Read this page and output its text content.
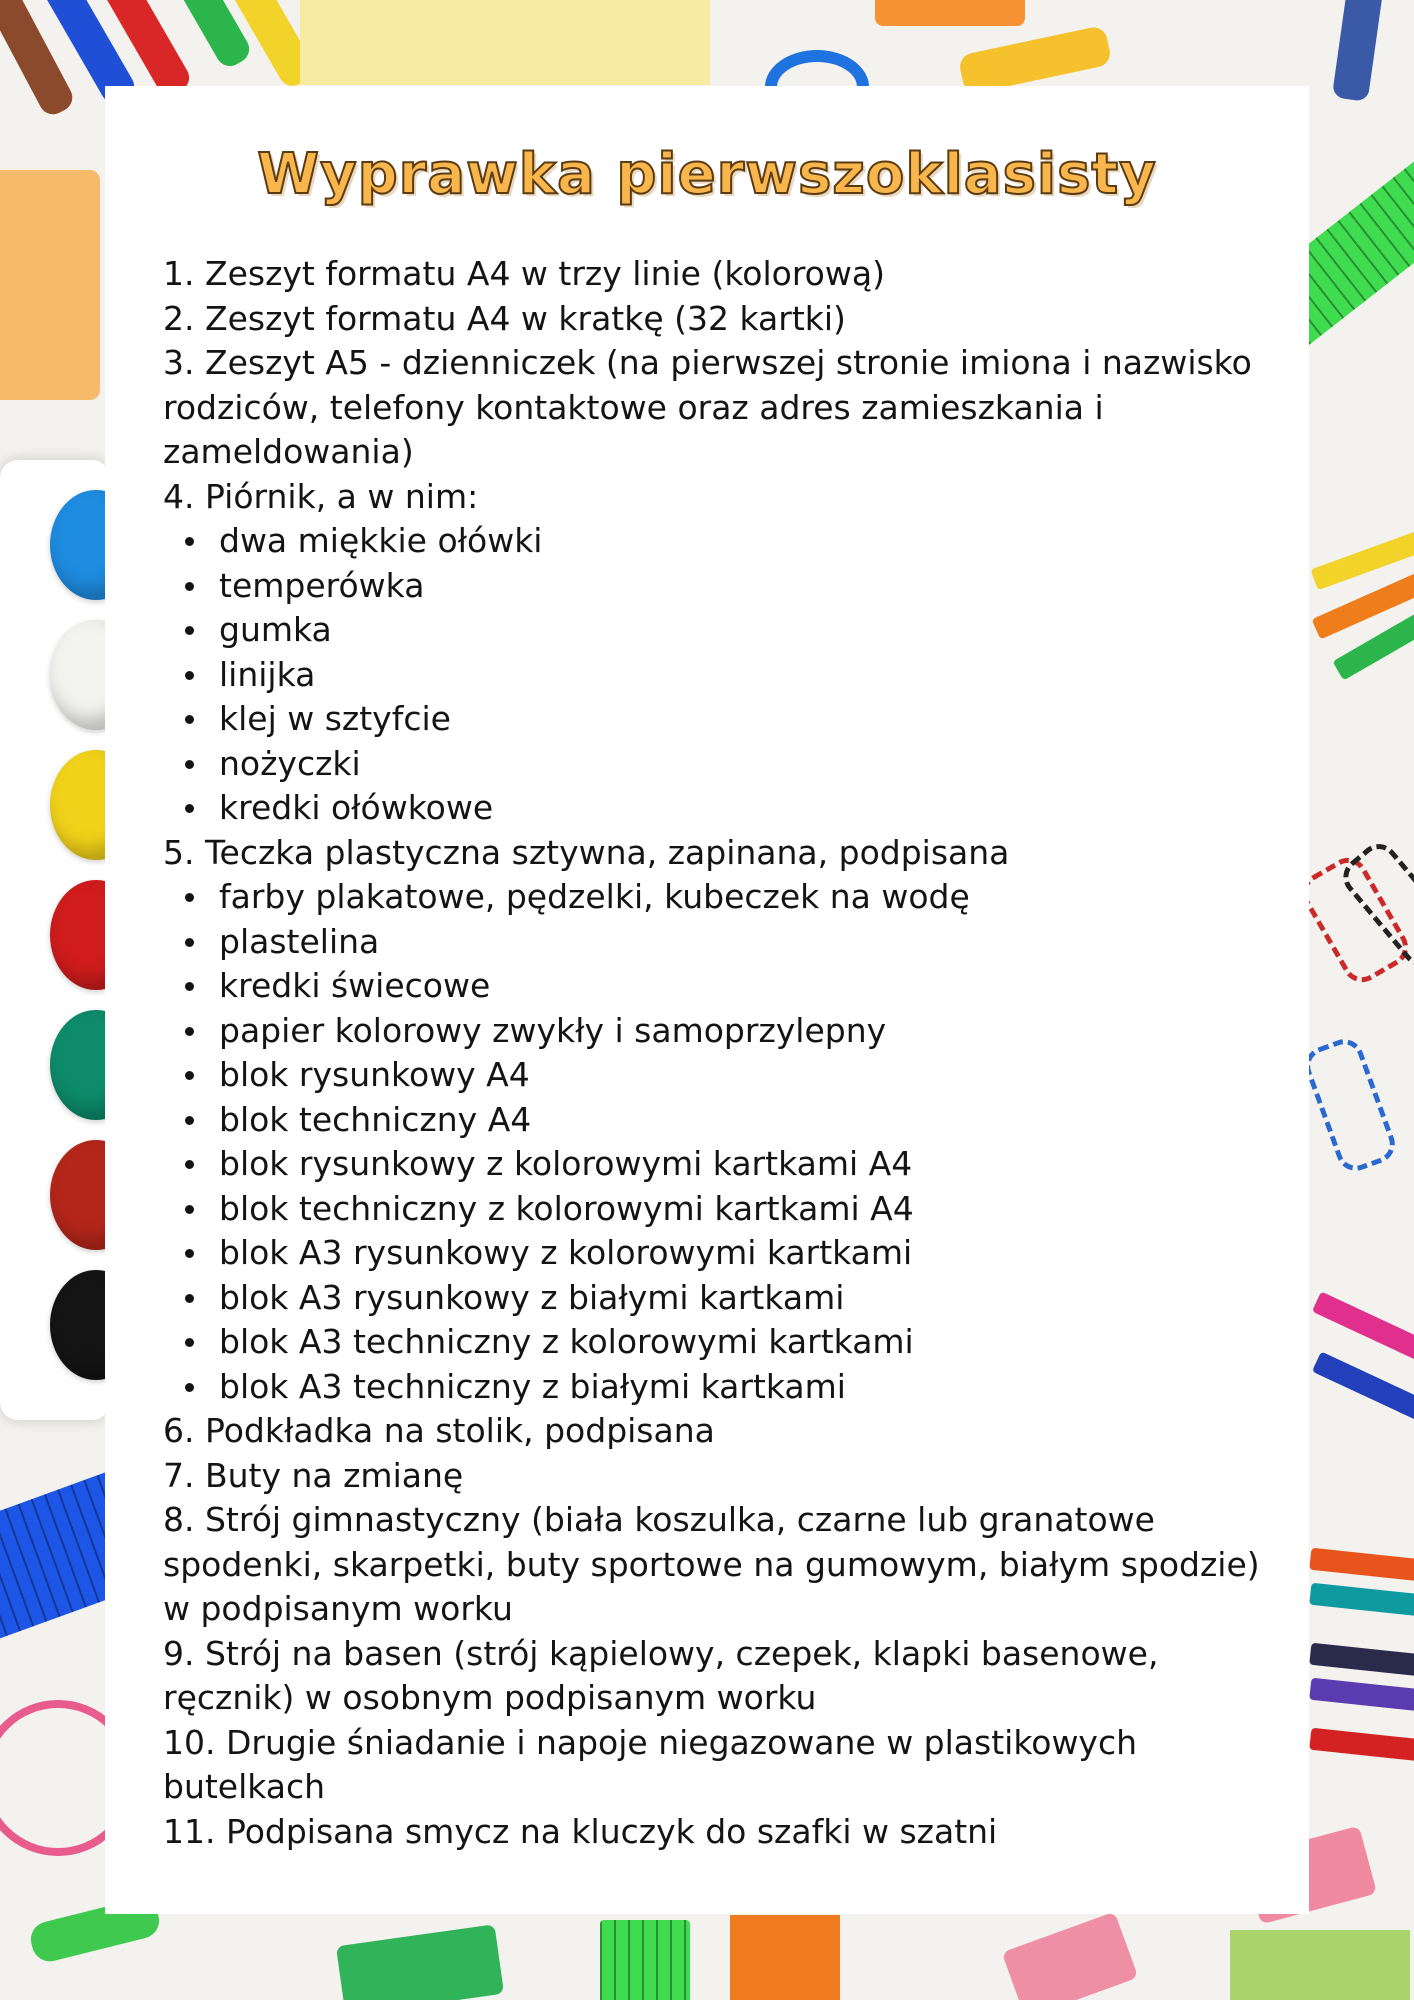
Wyprawka pierwszoklasisty

1. Zeszyt formatu A4 w trzy linie (kolorową)

2. Zeszyt formatu A4 w kratkę (32 kartki)

3. Zeszyt A5 - dzienniczek (na pierwszej stronie imiona i nazwisko rodziców, telefony kontaktowe oraz adres zamieszkania i zameldowania)

4. Piórnik, a w nim:

dwa miękkie ołówki
temperówka
gumka
linijka
klej w sztyfcie
nożyczki
kredki ołówkowe

5. Teczka plastyczna sztywna, zapinana, podpisana

farby plakatowe, pędzelki, kubeczek na wodę
plastelina
kredki świecowe
papier kolorowy zwykły i samoprzylepny
blok rysunkowy A4
blok techniczny A4
blok rysunkowy z kolorowymi kartkami A4
blok techniczny z kolorowymi kartkami A4
blok A3 rysunkowy z kolorowymi kartkami
blok A3 rysunkowy z białymi kartkami
blok A3 techniczny z kolorowymi kartkami
blok A3 techniczny z białymi kartkami

6. Podkładka na stolik, podpisana

7. Buty na zmianę

8. Strój gimnastyczny (biała koszulka, czarne lub granatowe spodenki, skarpetki, buty sportowe na gumowym, białym spodzie) w podpisanym worku

9. Strój na basen (strój kąpielowy, czepek, klapki basenowe, ręcznik) w osobnym podpisanym worku

10. Drugie śniadanie i napoje niegazowane w plastikowych butelkach

11. Podpisana smycz na kluczyk do szafki w szatni
